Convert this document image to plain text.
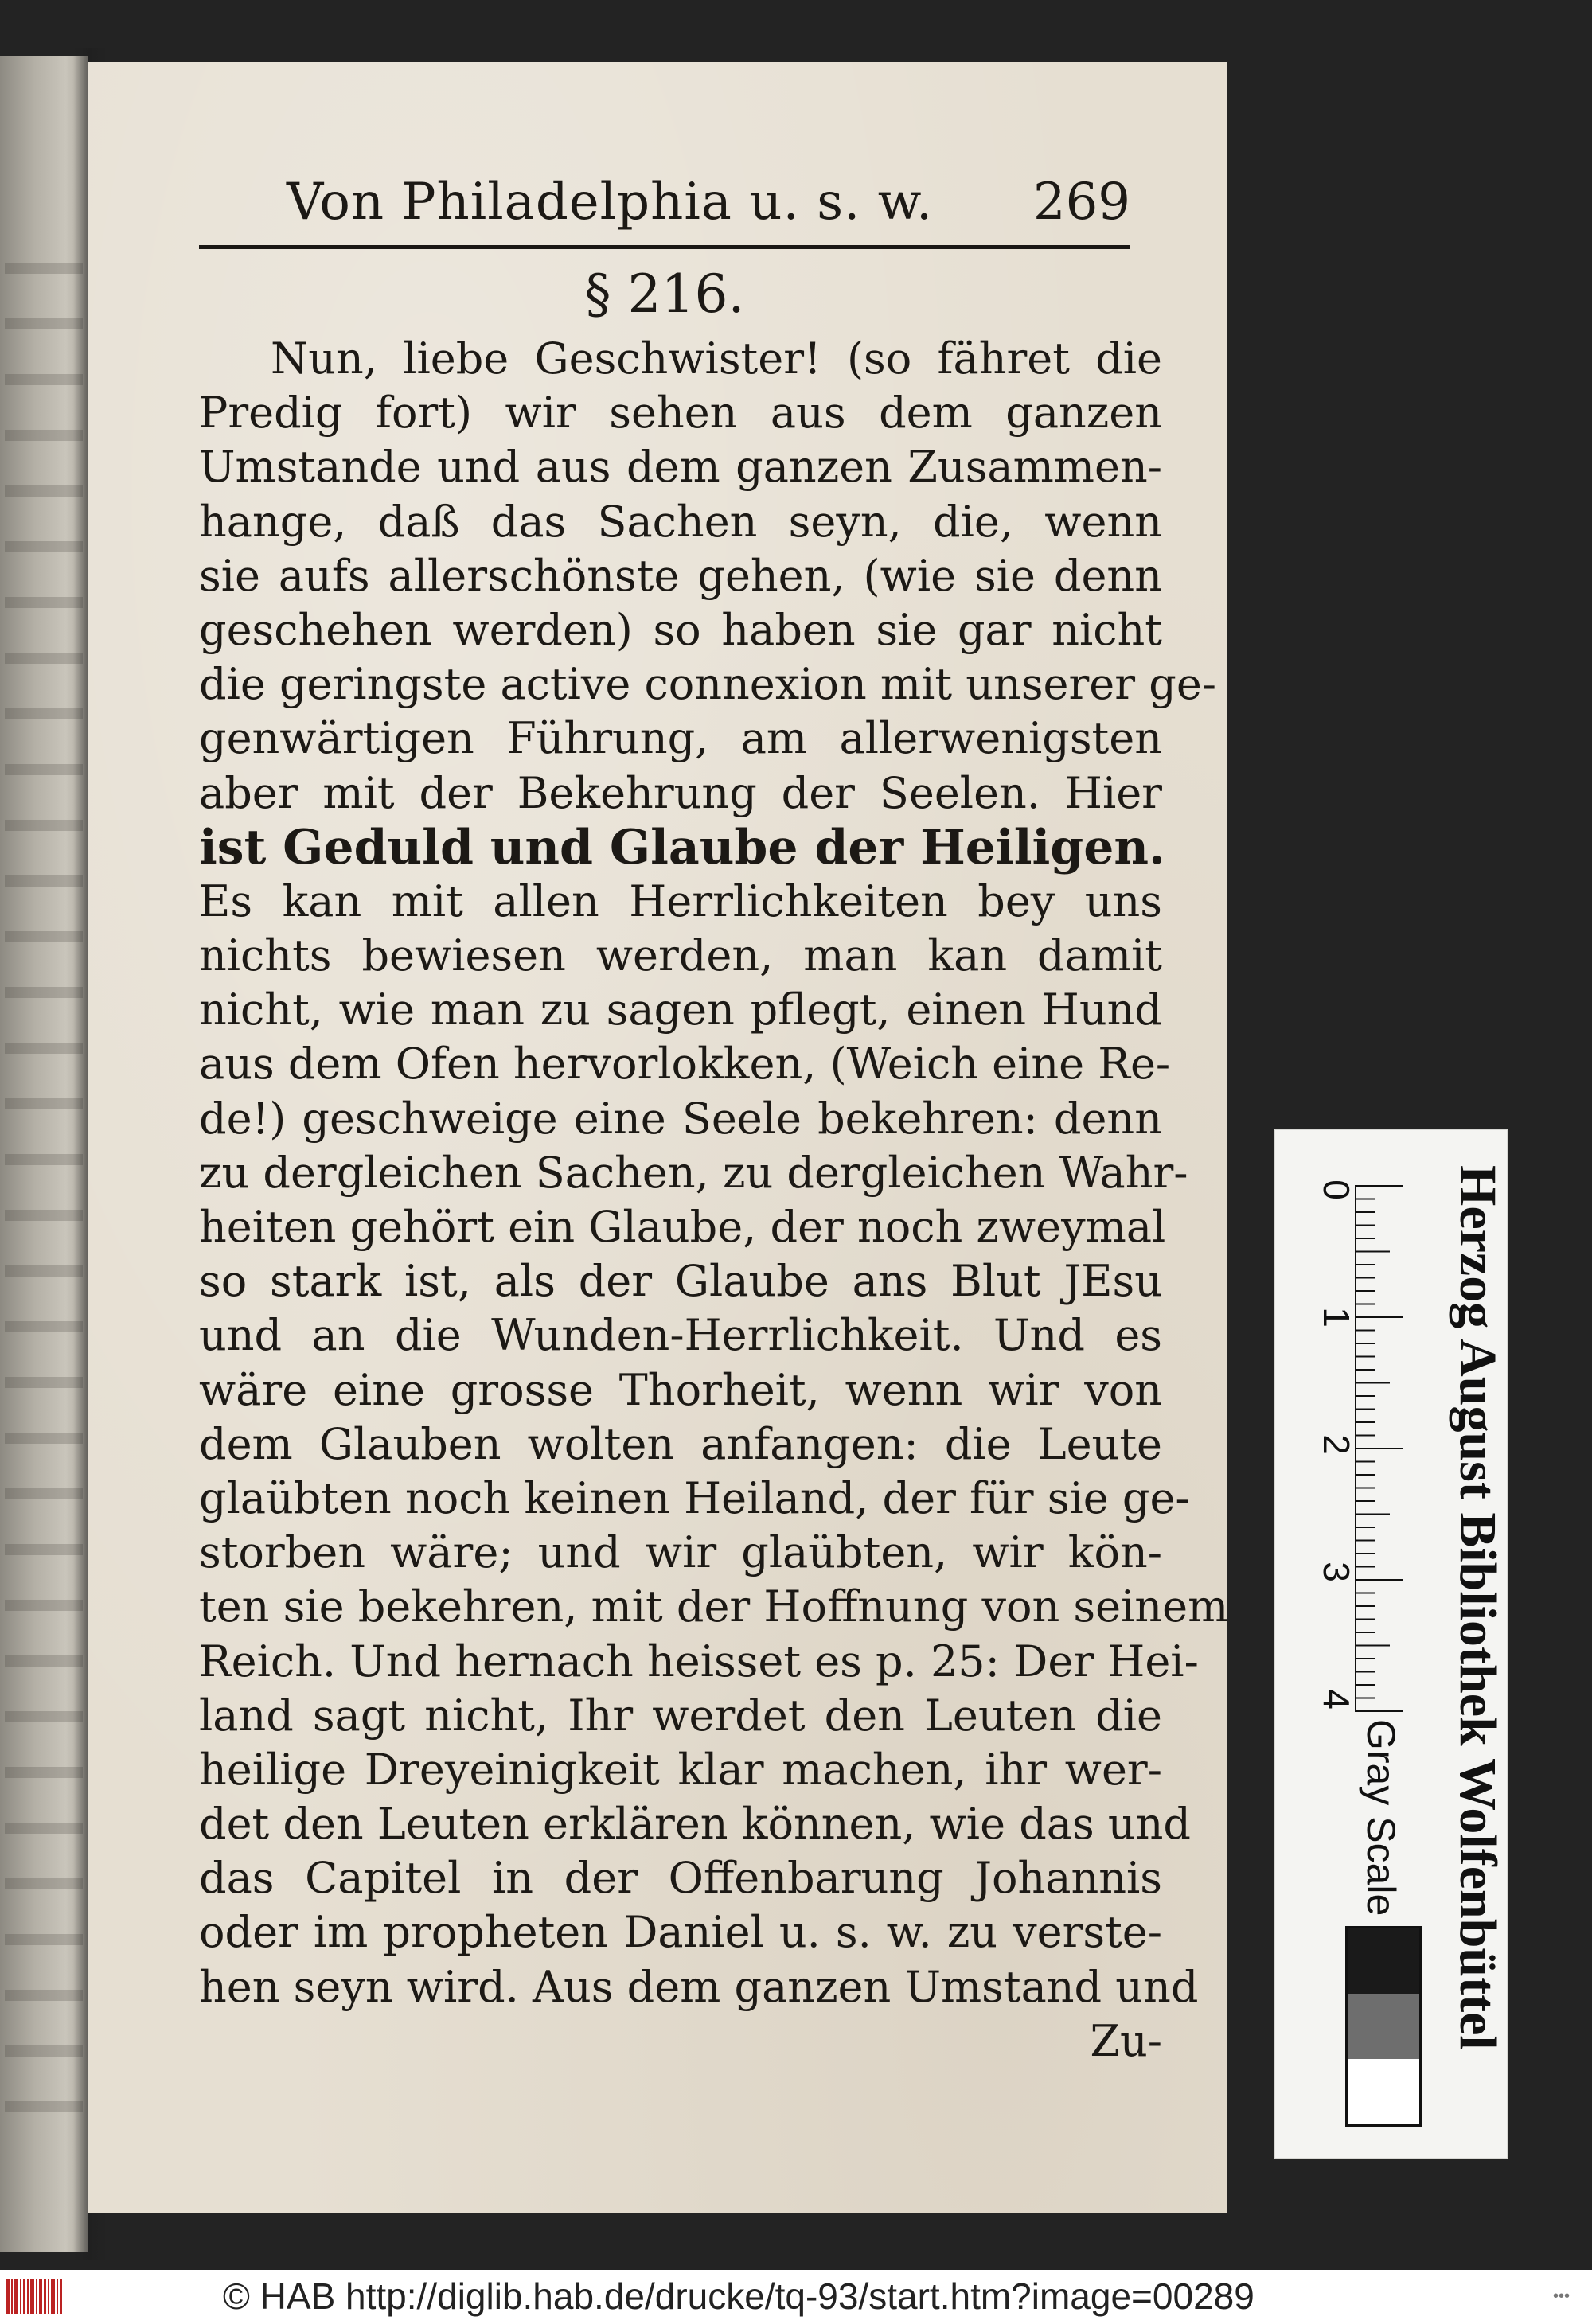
Von Philadelphia u. s. w. 269
§ 216.
Nun, liebe Geschwister! (so fähret die
Predig fort) wir sehen aus dem ganzen
Umstande und aus dem ganzen Zusammen-
hange, daß das Sachen seyn, die, wenn
sie aufs allerschönste gehen, (wie sie denn
geschehen werden) so haben sie gar nicht
die geringste active connexion mit unserer ge-
genwärtigen Führung, am allerwenigsten
aber mit der Bekehrung der Seelen. Hier
ist Geduld und Glaube der Heiligen.
Es kan mit allen Herrlichkeiten bey uns
nichts bewiesen werden, man kan damit
nicht, wie man zu sagen pflegt, einen Hund
aus dem Ofen hervorlokken, (Weich eine Re-
de!) geschweige eine Seele bekehren: denn
zu dergleichen Sachen, zu dergleichen Wahr-
heiten gehört ein Glaube, der noch zweymal
so stark ist, als der Glaube ans Blut JEsu
und an die Wunden-Herrlichkeit. Und es
wäre eine grosse Thorheit, wenn wir von
dem Glauben wolten anfangen: die Leute
glaübten noch keinen Heiland, der für sie ge-
storben wäre; und wir glaübten, wir kön-
ten sie bekehren, mit der Hoffnung von seinem
Reich. Und hernach heisset es p. 25: Der Hei-
land sagt nicht, Ihr werdet den Leuten die
heilige Dreyeinigkeit klar machen, ihr wer-
det den Leuten erklären können, wie das und
das Capitel in der Offenbarung Johannis
oder im propheten Daniel u. s. w. zu verste-
hen seyn wird. Aus dem ganzen Umstand und
Zu-
0
1
2
3
4
Gray Scale Herzog August Bibliothek Wolfenbüttel
© HAB http://diglib.hab.de/drucke/tq-93/start.htm?image=00289	•••
